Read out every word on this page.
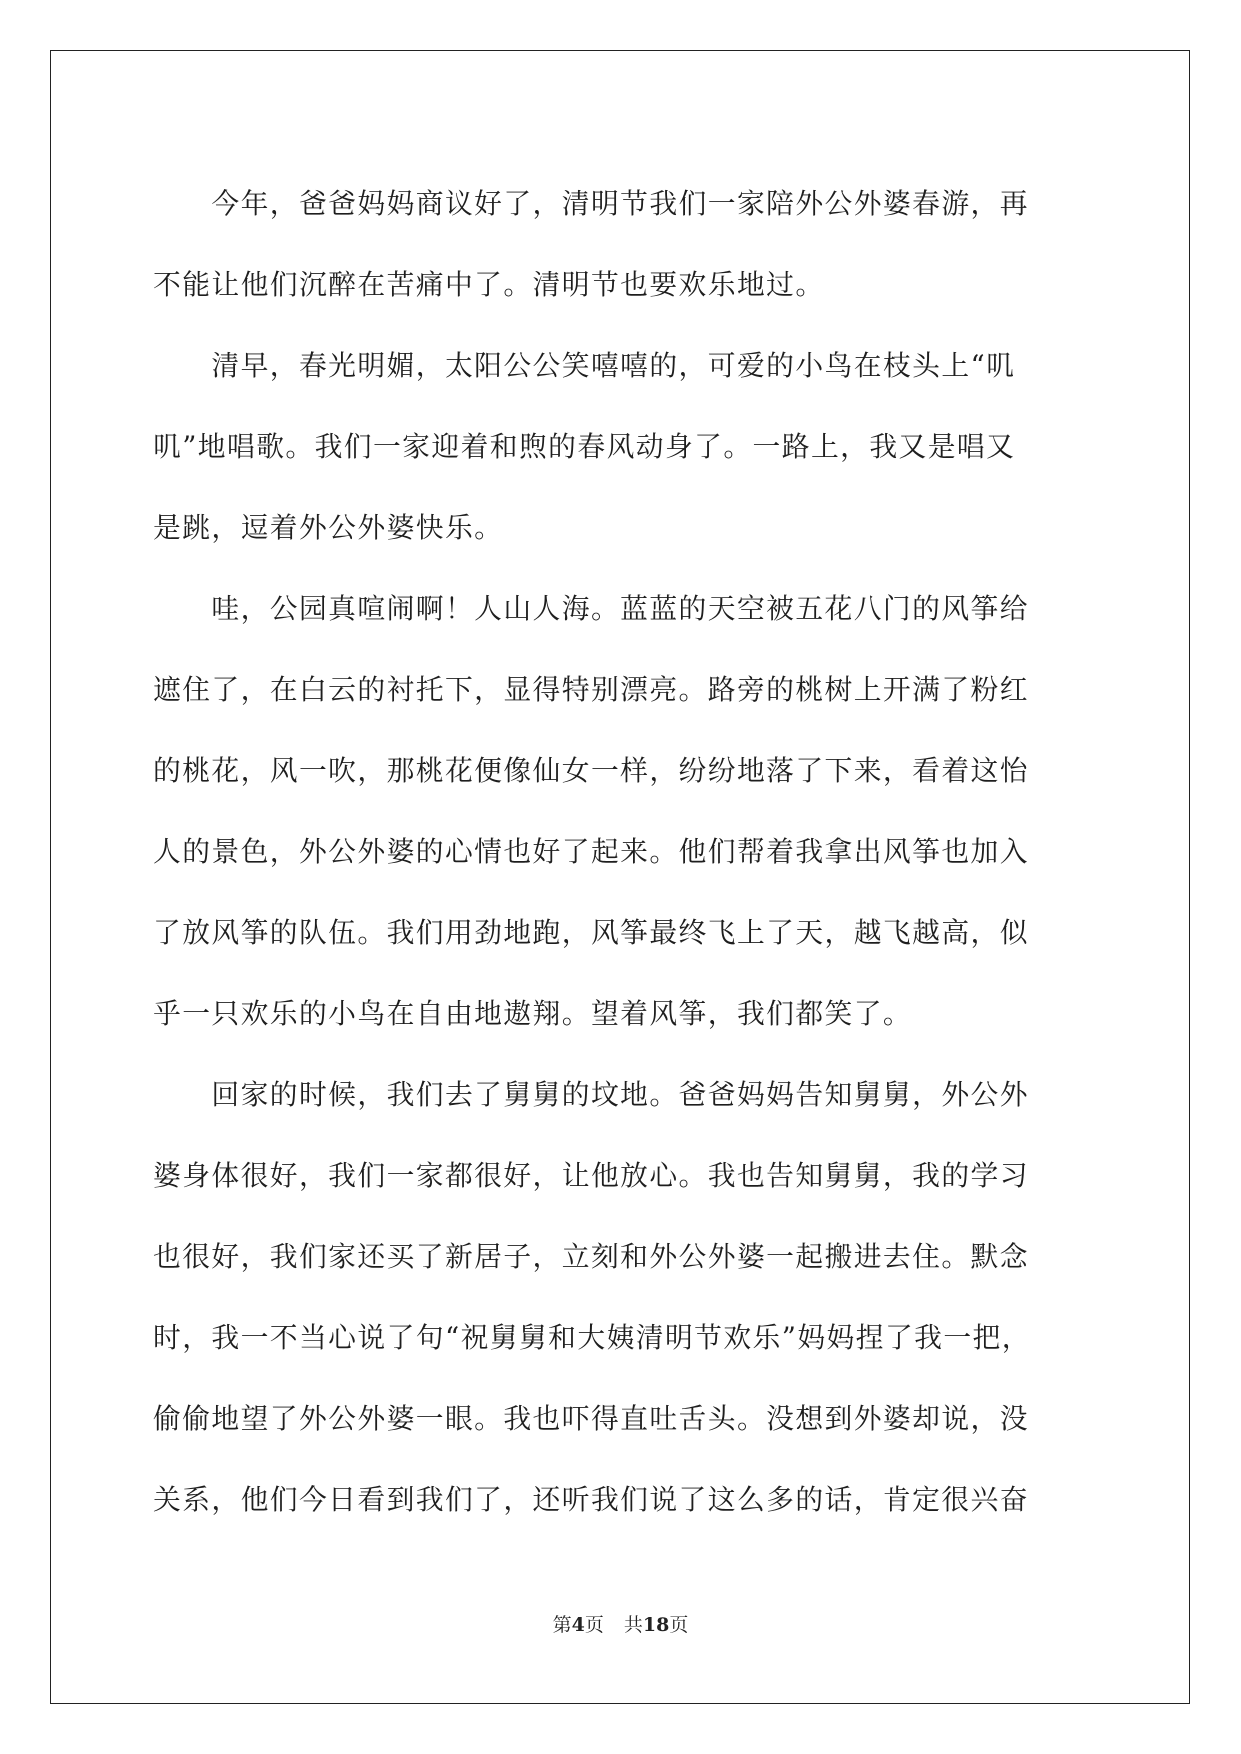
　　今年，爸爸妈妈商议好了，清明节我们一家陪外公外婆春游，再
不能让他们沉醉在苦痛中了。清明节也要欢乐地过。
　　清早，春光明媚，太阳公公笑嘻嘻的，可爱的小鸟在枝头上“叽
叽”地唱歌。我们一家迎着和煦的春风动身了。一路上，我又是唱又
是跳，逗着外公外婆快乐。
　　哇，公园真喧闹啊！人山人海。蓝蓝的天空被五花八门的风筝给
遮住了，在白云的衬托下，显得特别漂亮。路旁的桃树上开满了粉红
的桃花，风一吹，那桃花便像仙女一样，纷纷地落了下来，看着这怡
人的景色，外公外婆的心情也好了起来。他们帮着我拿出风筝也加入
了放风筝的队伍。我们用劲地跑，风筝最终飞上了天，越飞越高，似
乎一只欢乐的小鸟在自由地遨翔。望着风筝，我们都笑了。
　　回家的时候，我们去了舅舅的坟地。爸爸妈妈告知舅舅，外公外
婆身体很好，我们一家都很好，让他放心。我也告知舅舅，我的学习
也很好，我们家还买了新居子，立刻和外公外婆一起搬进去住。默念
时，我一不当心说了句“祝舅舅和大姨清明节欢乐”妈妈捏了我一把，
偷偷地望了外公外婆一眼。我也吓得直吐舌头。没想到外婆却说，没
关系，他们今日看到我们了，还听我们说了这么多的话，肯定很兴奋
第4页 共18页
